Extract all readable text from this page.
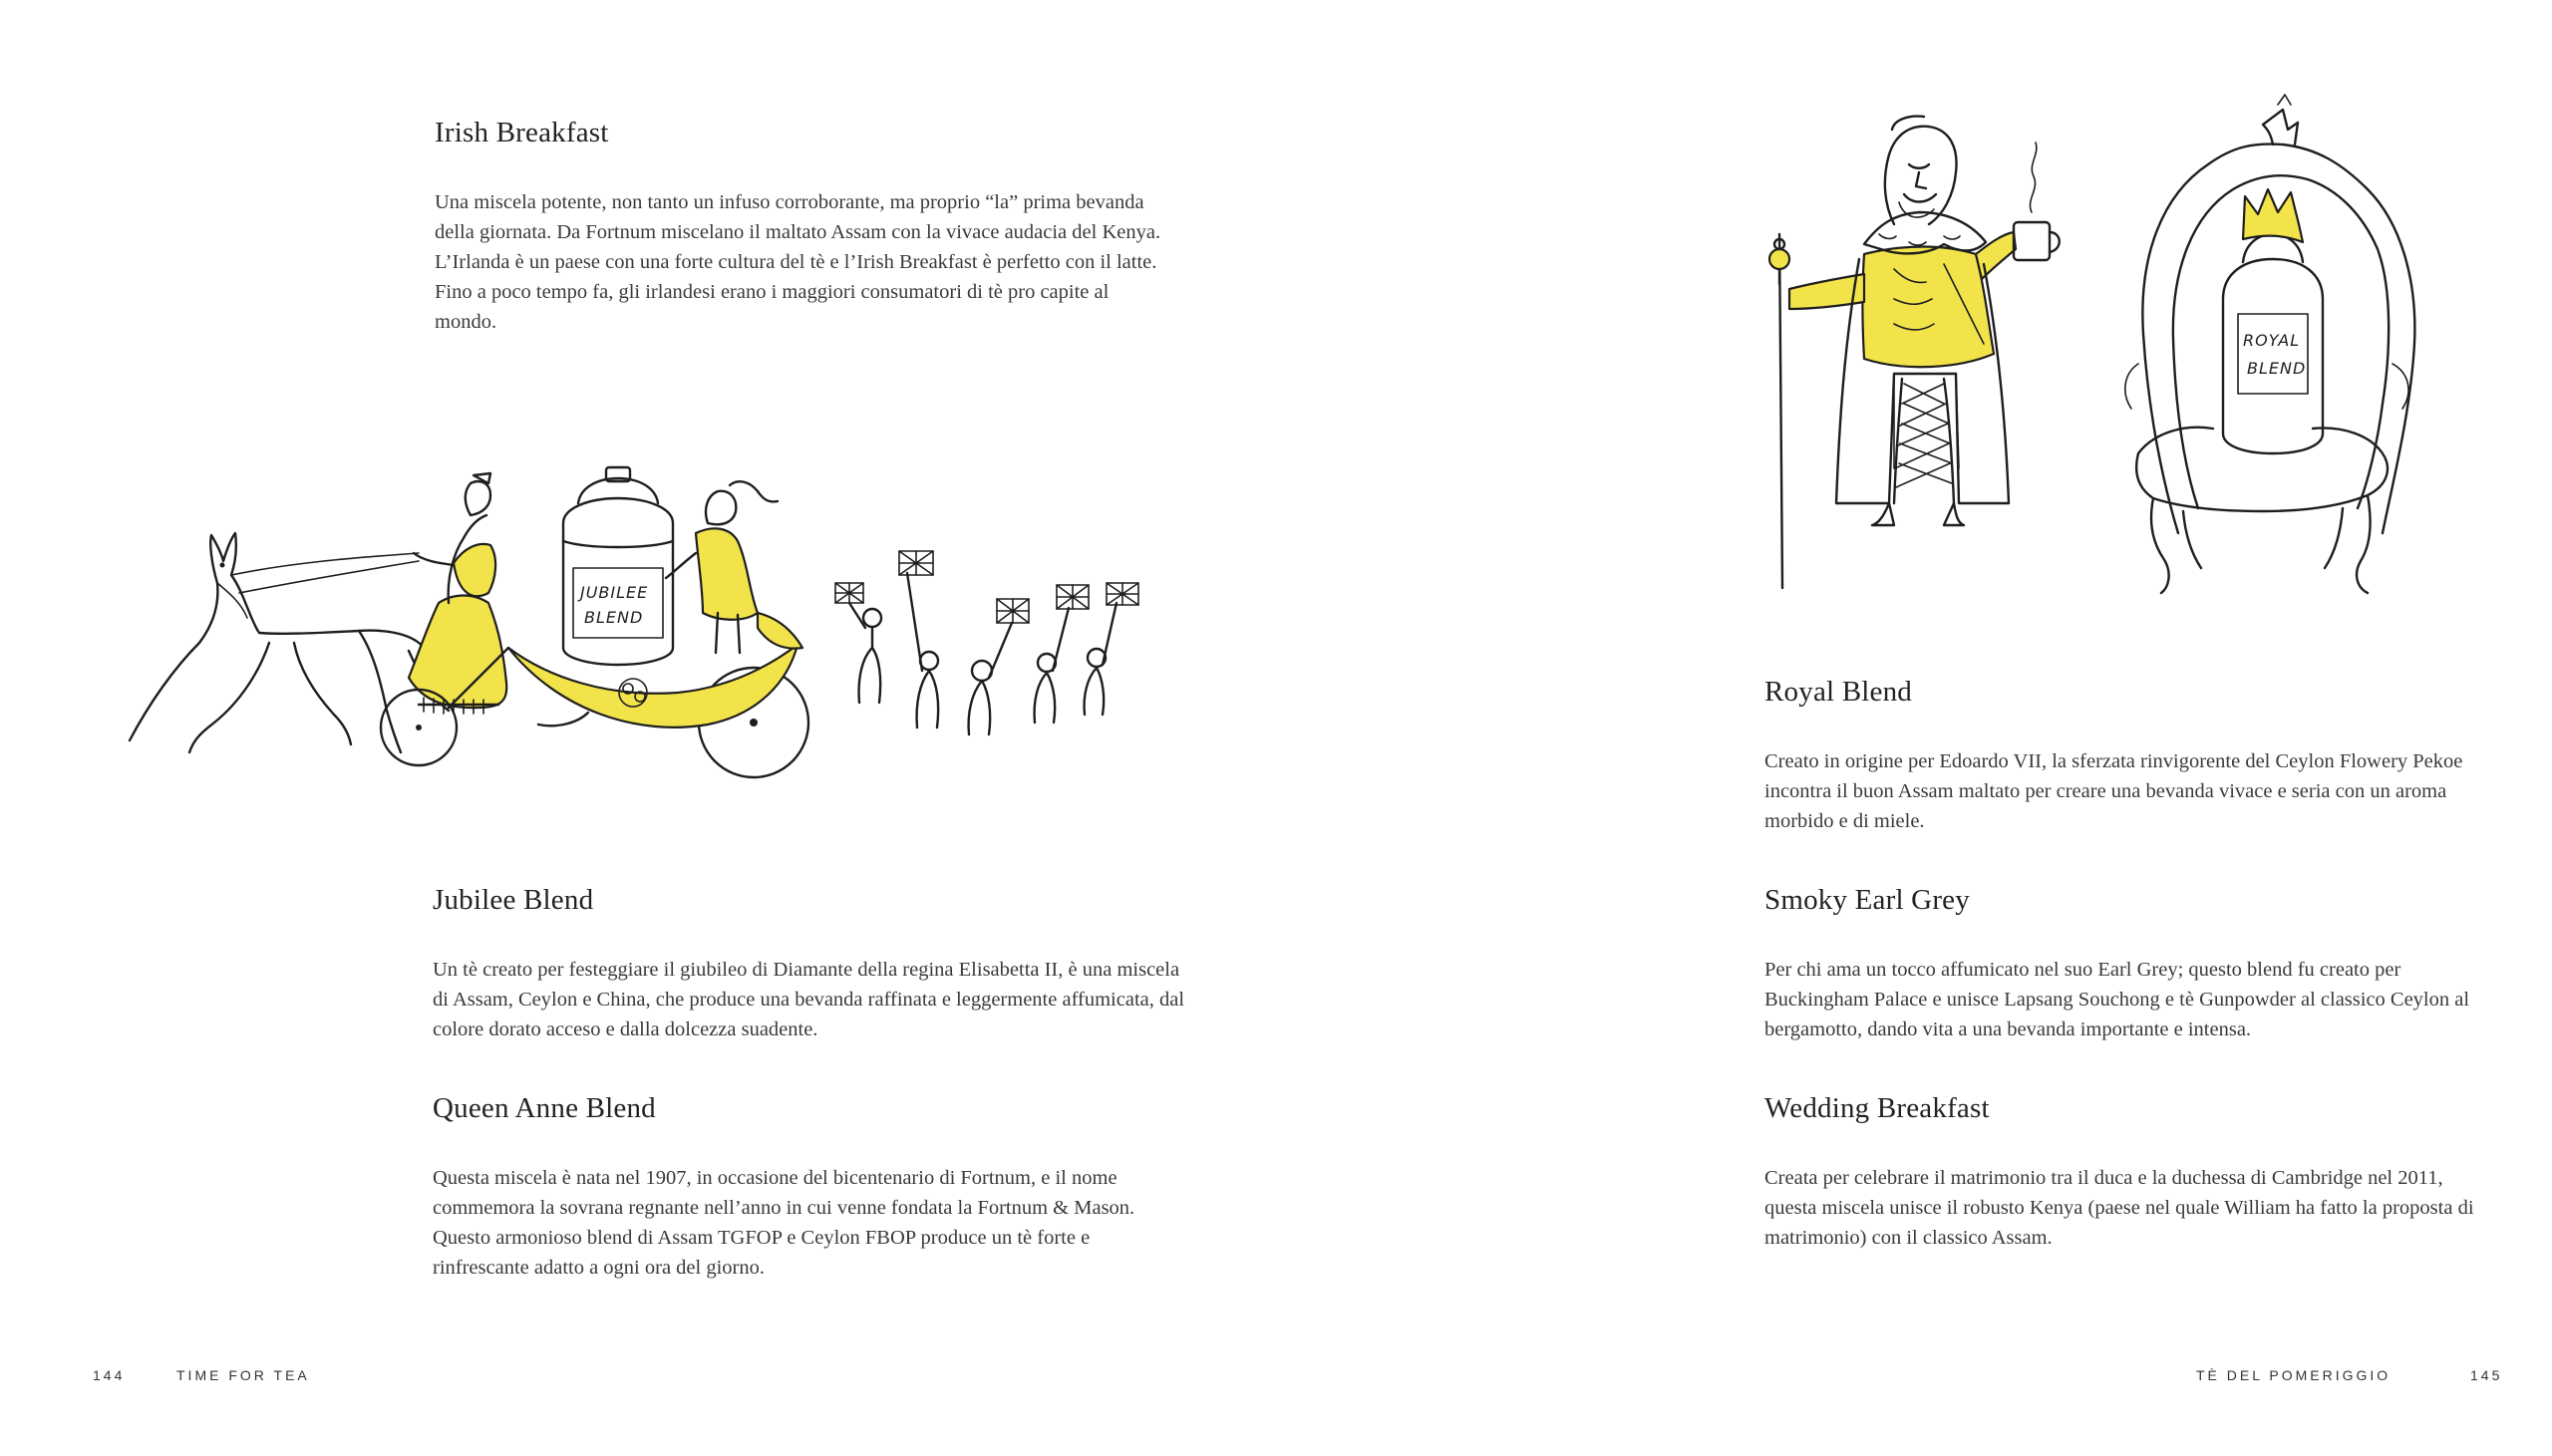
Irish Breakfast

Una miscela potente, non tanto un infuso corroborante, ma proprio “la” prima bevanda della giornata. Da Fortnum miscelano il maltato Assam con la vivace audacia del Kenya. L’Irlanda è un paese con una forte cultura del tè e l’Irish Breakfast è perfetto con il latte. Fino a poco tempo fa, gli irlandesi erano i maggiori consumatori di tè pro capite al mondo.

JUBILEE
BLEND
Jubilee Blend

Un tè creato per festeggiare il giubileo di Diamante della regina Elisabetta II, è una miscela di Assam, Ceylon e China, che produce una bevanda raffinata e leggermente affumicata, dal colore dorato acceso e dalla dolcezza suadente.

Queen Anne Blend

Questa miscela è nata nel 1907, in occasione del bicentenario di Fortnum, e il nome commemora la sovrana regnante nell’anno in cui venne fondata la Fortnum & Mason. Questo armonioso blend di Assam TGFOP e Ceylon FBOP produce un tè forte e rinfrescante adatto a ogni ora del giorno.

144	TIME FOR TEA
ROYAL
BLEND
Royal Blend

Creato in origine per Edoardo VII, la sferzata rinvigorente del Ceylon Flowery Pekoe incontra il buon Assam maltato per creare una bevanda vivace e seria con un aroma morbido e di miele.

Smoky Earl Grey

Per chi ama un tocco affumicato nel suo Earl Grey; questo blend fu creato per Buckingham Palace e unisce Lapsang Souchong e tè Gunpowder al classico Ceylon al bergamotto, dando vita a una bevanda importante e intensa.

Wedding Breakfast

Creata per celebrare il matrimonio tra il duca e la duchessa di Cambridge nel 2011, questa miscela unisce il robusto Kenya (paese nel quale William ha fatto la proposta di matrimonio) con il classico Assam.

TÈ DEL POMERIGGIO	145
